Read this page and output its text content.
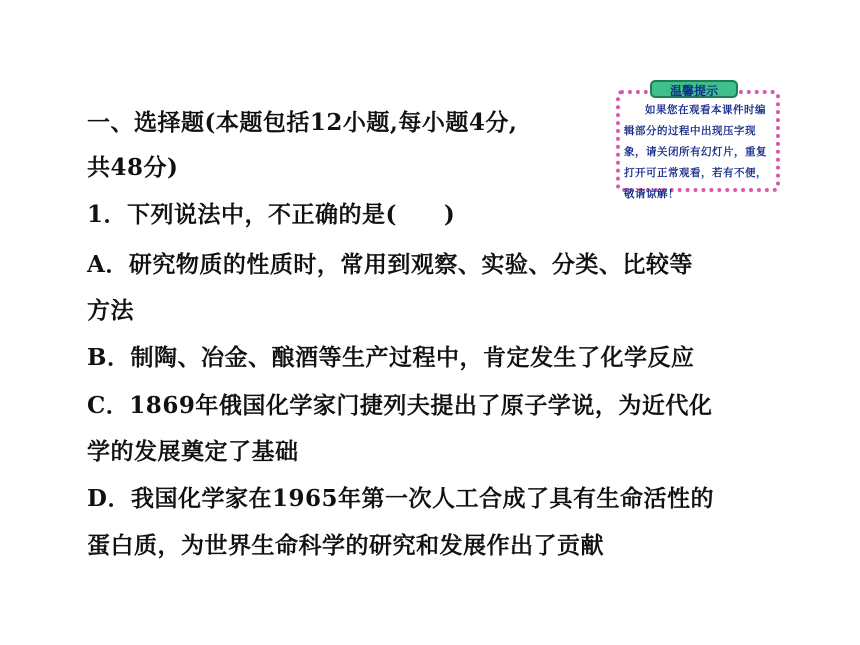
温馨提示
如果您在观看本课件时编辑部分的过程中出现压字现象，请关闭所有幻灯片，重复打开可正常观看，若有不便，敬请谅解！
一、选择题(本题包括12小题,每小题4分,
共48分)
1．下列说法中，不正确的是(　　)
A．研究物质的性质时，常用到观察、实验、分类、比较等
方法
B．制陶、冶金、酿酒等生产过程中，肯定发生了化学反应
C．1869年俄国化学家门捷列夫提出了原子学说，为近代化
学的发展奠定了基础
D．我国化学家在1965年第一次人工合成了具有生命活性的
蛋白质，为世界生命科学的研究和发展作出了贡献
